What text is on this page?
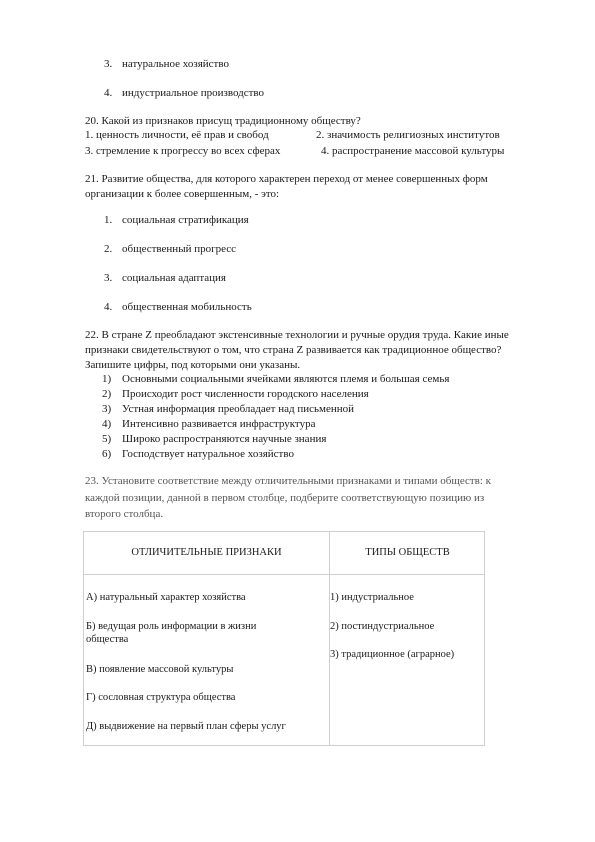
3. натуральное хозяйство
4. индустриальное производство
20. Какой из признаков присущ традиционному обществу?
1. ценность личности, её прав и свобод	2. значимость религиозных институтов
3. стремление к прогрессу во всех сферах	4. распространение массовой культуры
21. Развитие общества, для которого характерен переход от менее совершенных форм
организации к более совершенным, - это:
1. социальная стратификация
2. общественный прогресс
3. социальная адаптация
4. общественная мобильность
22. В стране Z преобладают экстенсивные технологии и ручные орудия труда. Какие иные
признаки свидетельствуют о том, что страна Z развивается как традиционное общество?
Запишите цифры, под которыми они указаны.
1) Основными социальными ячейками являются племя и большая семья
2) Происходит рост численности городского населения
3) Устная информация преобладает над письменной
4) Интенсивно развивается инфраструктура
5) Широко распространяются научные знания
6) Господствует натуральное хозяйство
23. Установите соответствие между отличительными признаками и типами обществ: к каждой позиции, данной в первом столбце, подберите соответствующую позицию из второго столбца.
ОТЛИЧИТЕЛЬНЫЕ ПРИЗНАКИ	ТИПЫ ОБЩЕСТВ
А) натуральный характер хозяйства
Б) ведущая роль информации в жизни общества
В) появление массовой культуры
Г) сословная структура общества
Д) выдвижение на первый план сферы услуг
1) индустриальное
2) постиндустриальное
3) традиционное (аграрное)
